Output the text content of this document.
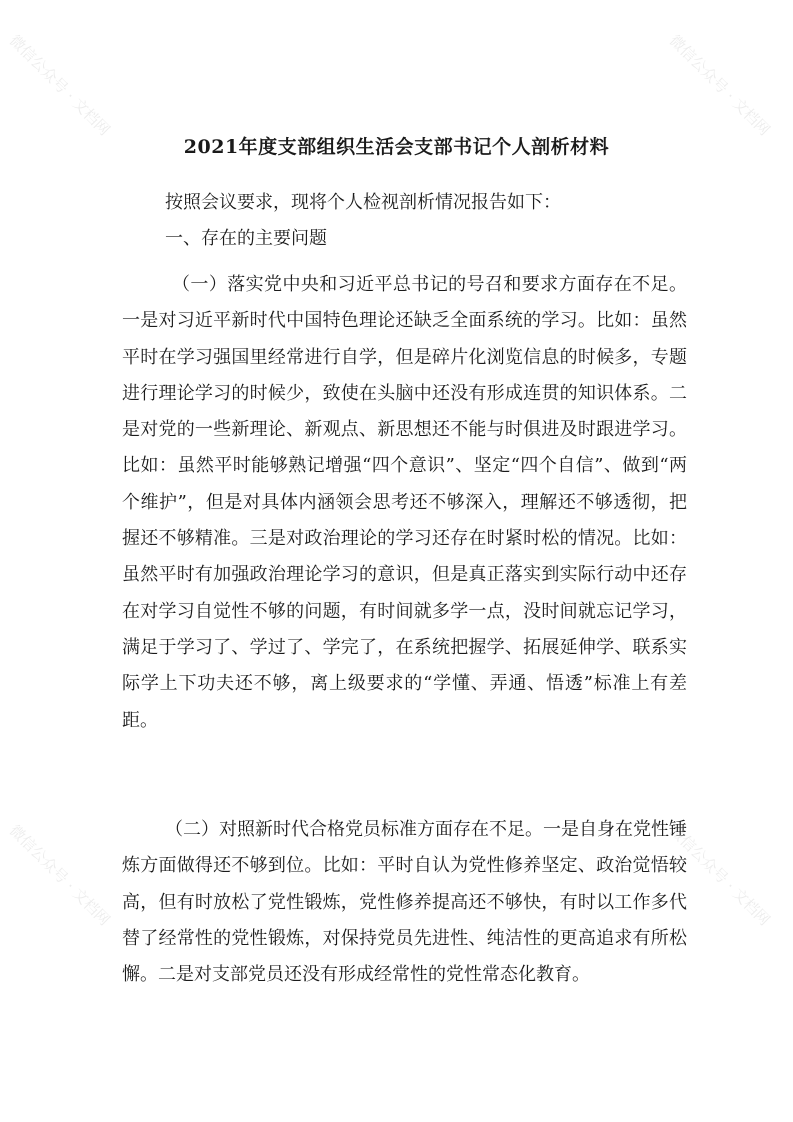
微信公众号 · 文档网	微信公众号 · 文档网
微信公众号 · 文档网	微信公众号 · 文档网
2021年度支部组织生活会支部书记个人剖析材料
按照会议要求，现将个人检视剖析情况报告如下：
一、存在的主要问题
（一）落实党中央和习近平总书记的号召和要求方面存在不足。一是对习近平新时代中国特色理论还缺乏全面系统的学习。比如：虽然平时在学习强国里经常进行自学，但是碎片化浏览信息的时候多，专题进行理论学习的时候少，致使在头脑中还没有形成连贯的知识体系。二是对党的一些新理论、新观点、新思想还不能与时俱进及时跟进学习。比如：虽然平时能够熟记增强“四个意识”、坚定“四个自信”、做到“两个维护”，但是对具体内涵领会思考还不够深入，理解还不够透彻，把握还不够精准。三是对政治理论的学习还存在时紧时松的情况。比如：虽然平时有加强政治理论学习的意识，但是真正落实到实际行动中还存在对学习自觉性不够的问题，有时间就多学一点，没时间就忘记学习，满足于学习了、学过了、学完了，在系统把握学、拓展延伸学、联系实际学上下功夫还不够，离上级要求的“学懂、弄通、悟透”标准上有差距。
（二）对照新时代合格党员标准方面存在不足。一是自身在党性锤炼方面做得还不够到位。比如：平时自认为党性修养坚定、政治觉悟较高，但有时放松了党性锻炼，党性修养提高还不够快，有时以工作多代替了经常性的党性锻炼，对保持党员先进性、纯洁性的更高追求有所松懈。二是对支部党员还没有形成经常性的党性常态化教育。
